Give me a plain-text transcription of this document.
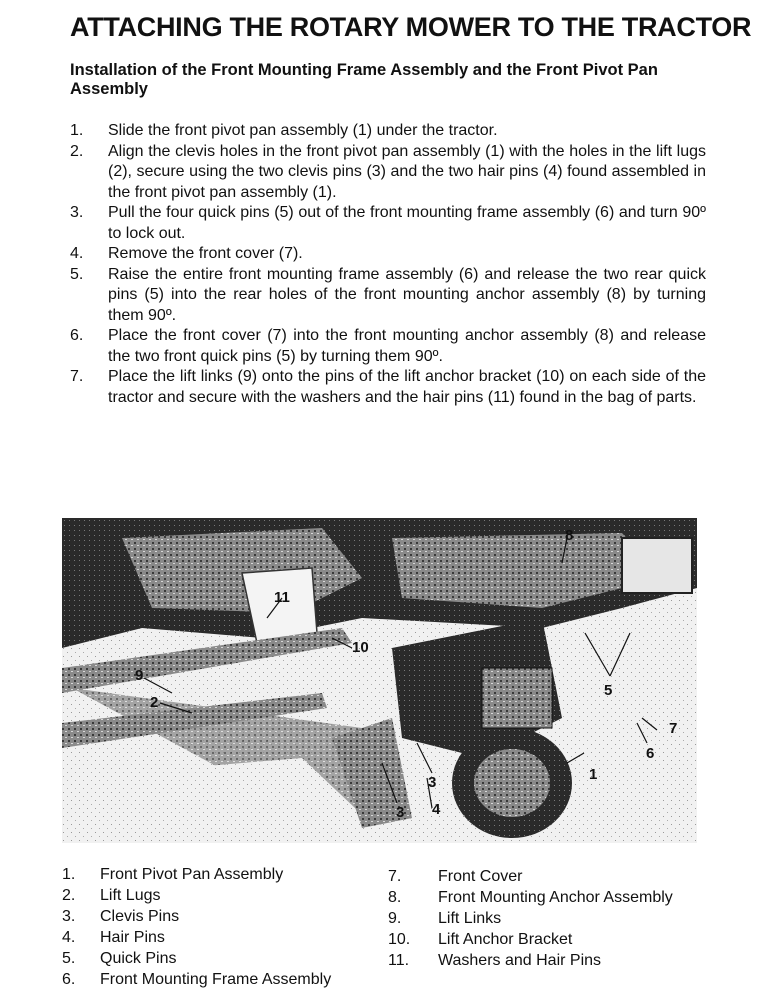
ATTACHING THE ROTARY MOWER TO THE TRACTOR

Installation of the Front Mounting Frame Assembly and the Front Pivot Pan Assembly

1. Slide the front pivot pan assembly (1) under the tractor.
2. Align the clevis holes in the front pivot pan assembly (1) with the holes in the lift lugs (2), secure using the two clevis pins (3) and the two hair pins (4) found assembled in the front pivot pan assembly (1).
3. Pull the four quick pins (5) out of the front mounting frame assembly (6) and turn 90º to lock out.
4. Remove the front cover (7).
5. Raise the entire front mounting frame assembly (6) and release the two rear quick pins (5) into the rear holes of the front mounting anchor assembly (8) by turning them 90º.
6. Place the front cover (7) into the front mounting anchor assembly (8) and release the two front quick pins (5) by turning them 90º.
7. Place the lift links (9) onto the pins of the lift anchor bracket (10) on each side of the tractor and secure with the washers and the hair pins (11) found in the bag of parts.
8
11
10
9
2
5
7
6
1
3
3 4
1. Front Pivot Pan Assembly
2. Lift Lugs
3. Clevis Pins
4. Hair Pins
5. Quick Pins
6. Front Mounting Frame Assembly
7. Front Cover
8. Front Mounting Anchor Assembly
9. Lift Links
10. Lift Anchor Bracket
11. Washers and Hair Pins
